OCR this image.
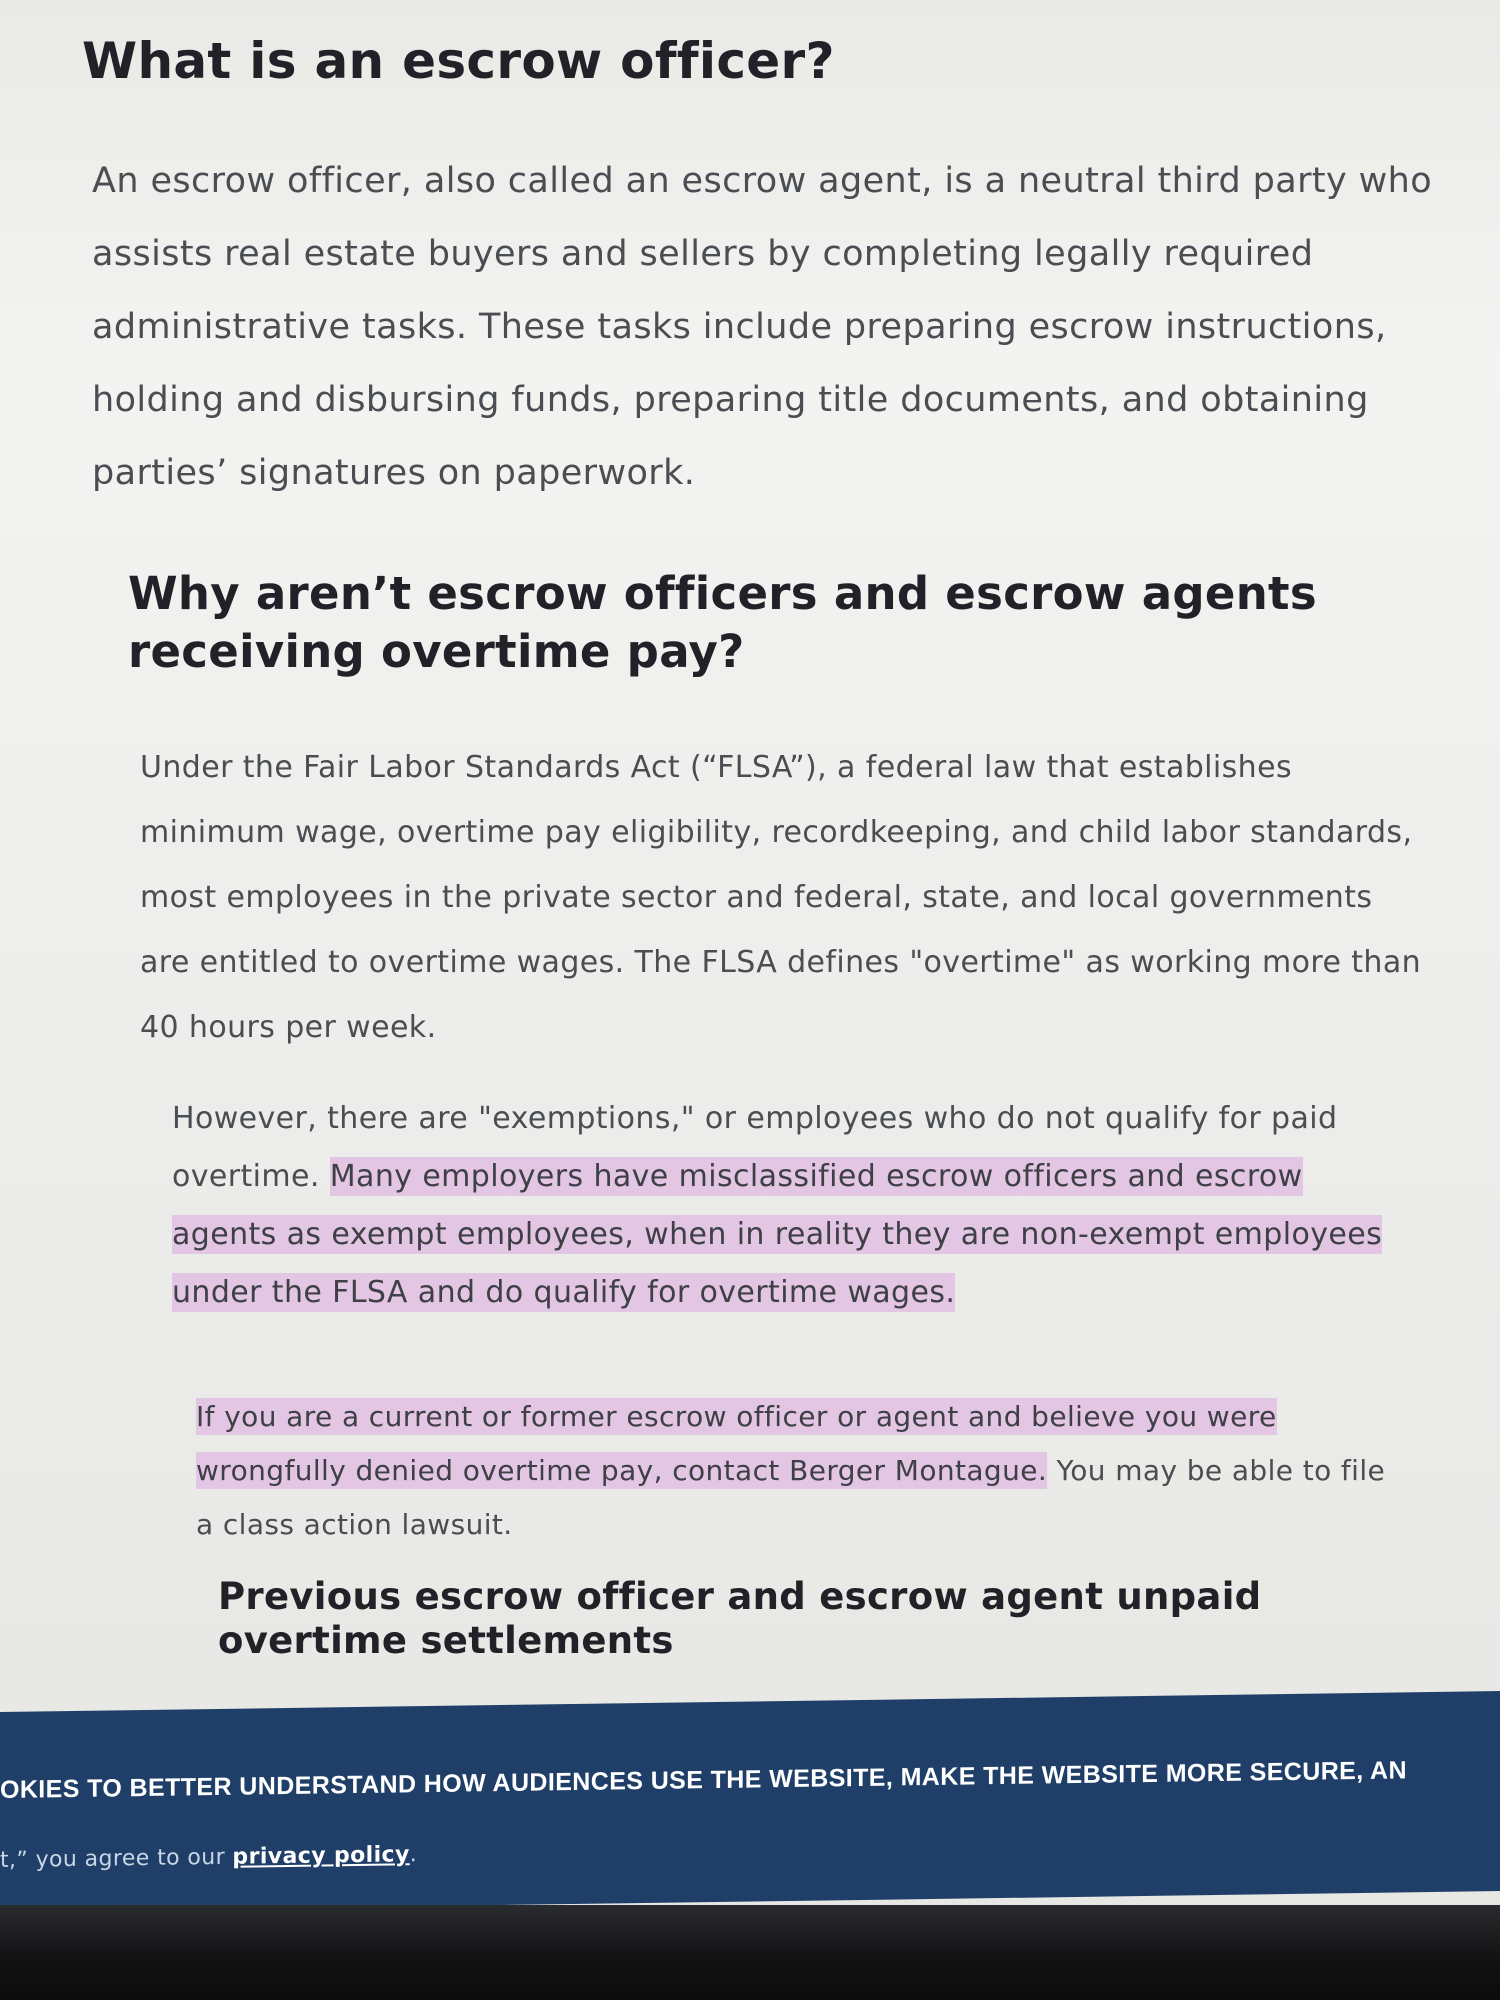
What is an escrow officer?

An escrow officer, also called an escrow agent, is a neutral third party who assists real estate buyers and sellers by completing legally required administrative tasks. These tasks include preparing escrow instructions, holding and disbursing funds, preparing title documents, and obtaining parties’ signatures on paperwork.

Why aren’t escrow officers and escrow agents receiving overtime pay?

Under the Fair Labor Standards Act (“FLSA”), a federal law that establishes minimum wage, overtime pay eligibility, recordkeeping, and child labor standards, most employees in the private sector and federal, state, and local governments are entitled to overtime wages. The FLSA defines "overtime" as working more than 40 hours per week.

However, there are "exemptions," or employees who do not qualify for paid overtime. Many employers have misclassified escrow officers and escrow agents as exempt employees, when in reality they are non-exempt employees under the FLSA and do qualify for overtime wages.

If you are a current or former escrow officer or agent and believe you were wrongfully denied overtime pay, contact Berger Montague. You may be able to file a class action lawsuit.

Previous escrow officer and escrow agent unpaid overtime settlements
OKIES TO BETTER UNDERSTAND HOW AUDIENCES USE THE WEBSITE, MAKE THE WEBSITE MORE SECURE, AN
t,” you agree to our privacy policy.
